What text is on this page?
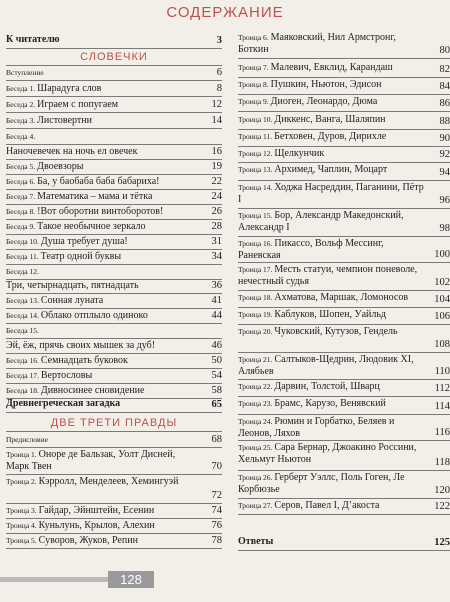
СОДЕРЖАНИЕ
К читателю	3
СЛОВЕЧКИ
Вступление	6
Беседа 1. Шарадуга слов	8
Беседа 2. Играем с попугаем	12
Беседа 3. Листовертни	14
Беседа 4.
Наночевечек на ночь ел овечек	16
Беседа 5. Двоевзоры	19
Беседа 6. Ба, у баобаба баба бабариха!	22
Беседа 7. Математика – мама и тётка	24
Беседа 8. !Вот оборотни винтоборотов!	26
Беседа 9. Такое необычное зеркало	28
Беседа 10. Душа требует душа!	31
Беседа 11. Театр одной буквы	34
Беседа 12.
Три, четырнадцать, пятнадцать	36
Беседа 13. Сонная луната	41
Беседа 14. Облако отплыло одиноко	44
Беседа 15.
Эй, ёж, прячь своих мышек за дуб!	46
Беседа 16. Семнадцать буковок	50
Беседа 17. Вертословы	54
Беседа 18. Дивносинее сновидение	58
Древнегреческая загадка	65
ДВЕ ТРЕТИ ПРАВДЫ
Предисловие	68
Троица 1. Оноре де Бальзак, Уолт Дисней, Марк Твен	70
Троица 2. Кэрролл, Менделеев, Хемингуэй
72
Троица 3. Гайдар, Эйнштейн, Есенин	74
Троица 4. Куньлунь, Крылов, Алехин	76
Троица 5. Суворов, Жуков, Репин	78
Троица 6. Маяковский, Нил Армстронг, Боткин	80
Троица 7. Малевич, Евклид, Карандаш	82
Троица 8. Пушкин, Ньютон, Эдисон	84
Троица 9. Диоген, Леонардо, Дюма	86
Троица 10. Диккенс, Ванга, Шаляпин	88
Троица 11. Бетховен, Дуров, Дирихле	90
Троица 12. Щелкунчик	92
Троица 13. Архимед, Чаплин, Моцарт	94
Троица 14. Ходжа Насреддин, Паганини, Пётр I	96
Троица 15. Бор, Александр Македонский, Александр I	98
Троица 16. Пикассо, Вольф Мессинг, Раневская	100
Троица 17. Меcть статуи, чемпион поневоле, нечестный судья	102
Троица 18. Ахматова, Маршак, Ломоносов	104
Троица 19. Каблуков, Шопен, Уайльд	106
Троица 20. Чуковский, Кутузов, Гендель
108
Троица 21. Салтыков-Щедрин, Людовик XI, Алябьев	110
Троица 22. Дарвин, Толстой, Шварц	112
Троица 23. Брамс, Карузо, Венявский	114
Троица 24. Рюмин и Горбатко, Беляев и Леонов, Ляхов	116
Троица 25. Сара Бернар, Джоакино Россини, Хельмут Ньютон	118
Троица 26. Герберт Уэллс, Поль Гоген, Ле Корбюзье	120
Троица 27. Серов, Павел I, Д’акоста	122
Ответы	125
128
